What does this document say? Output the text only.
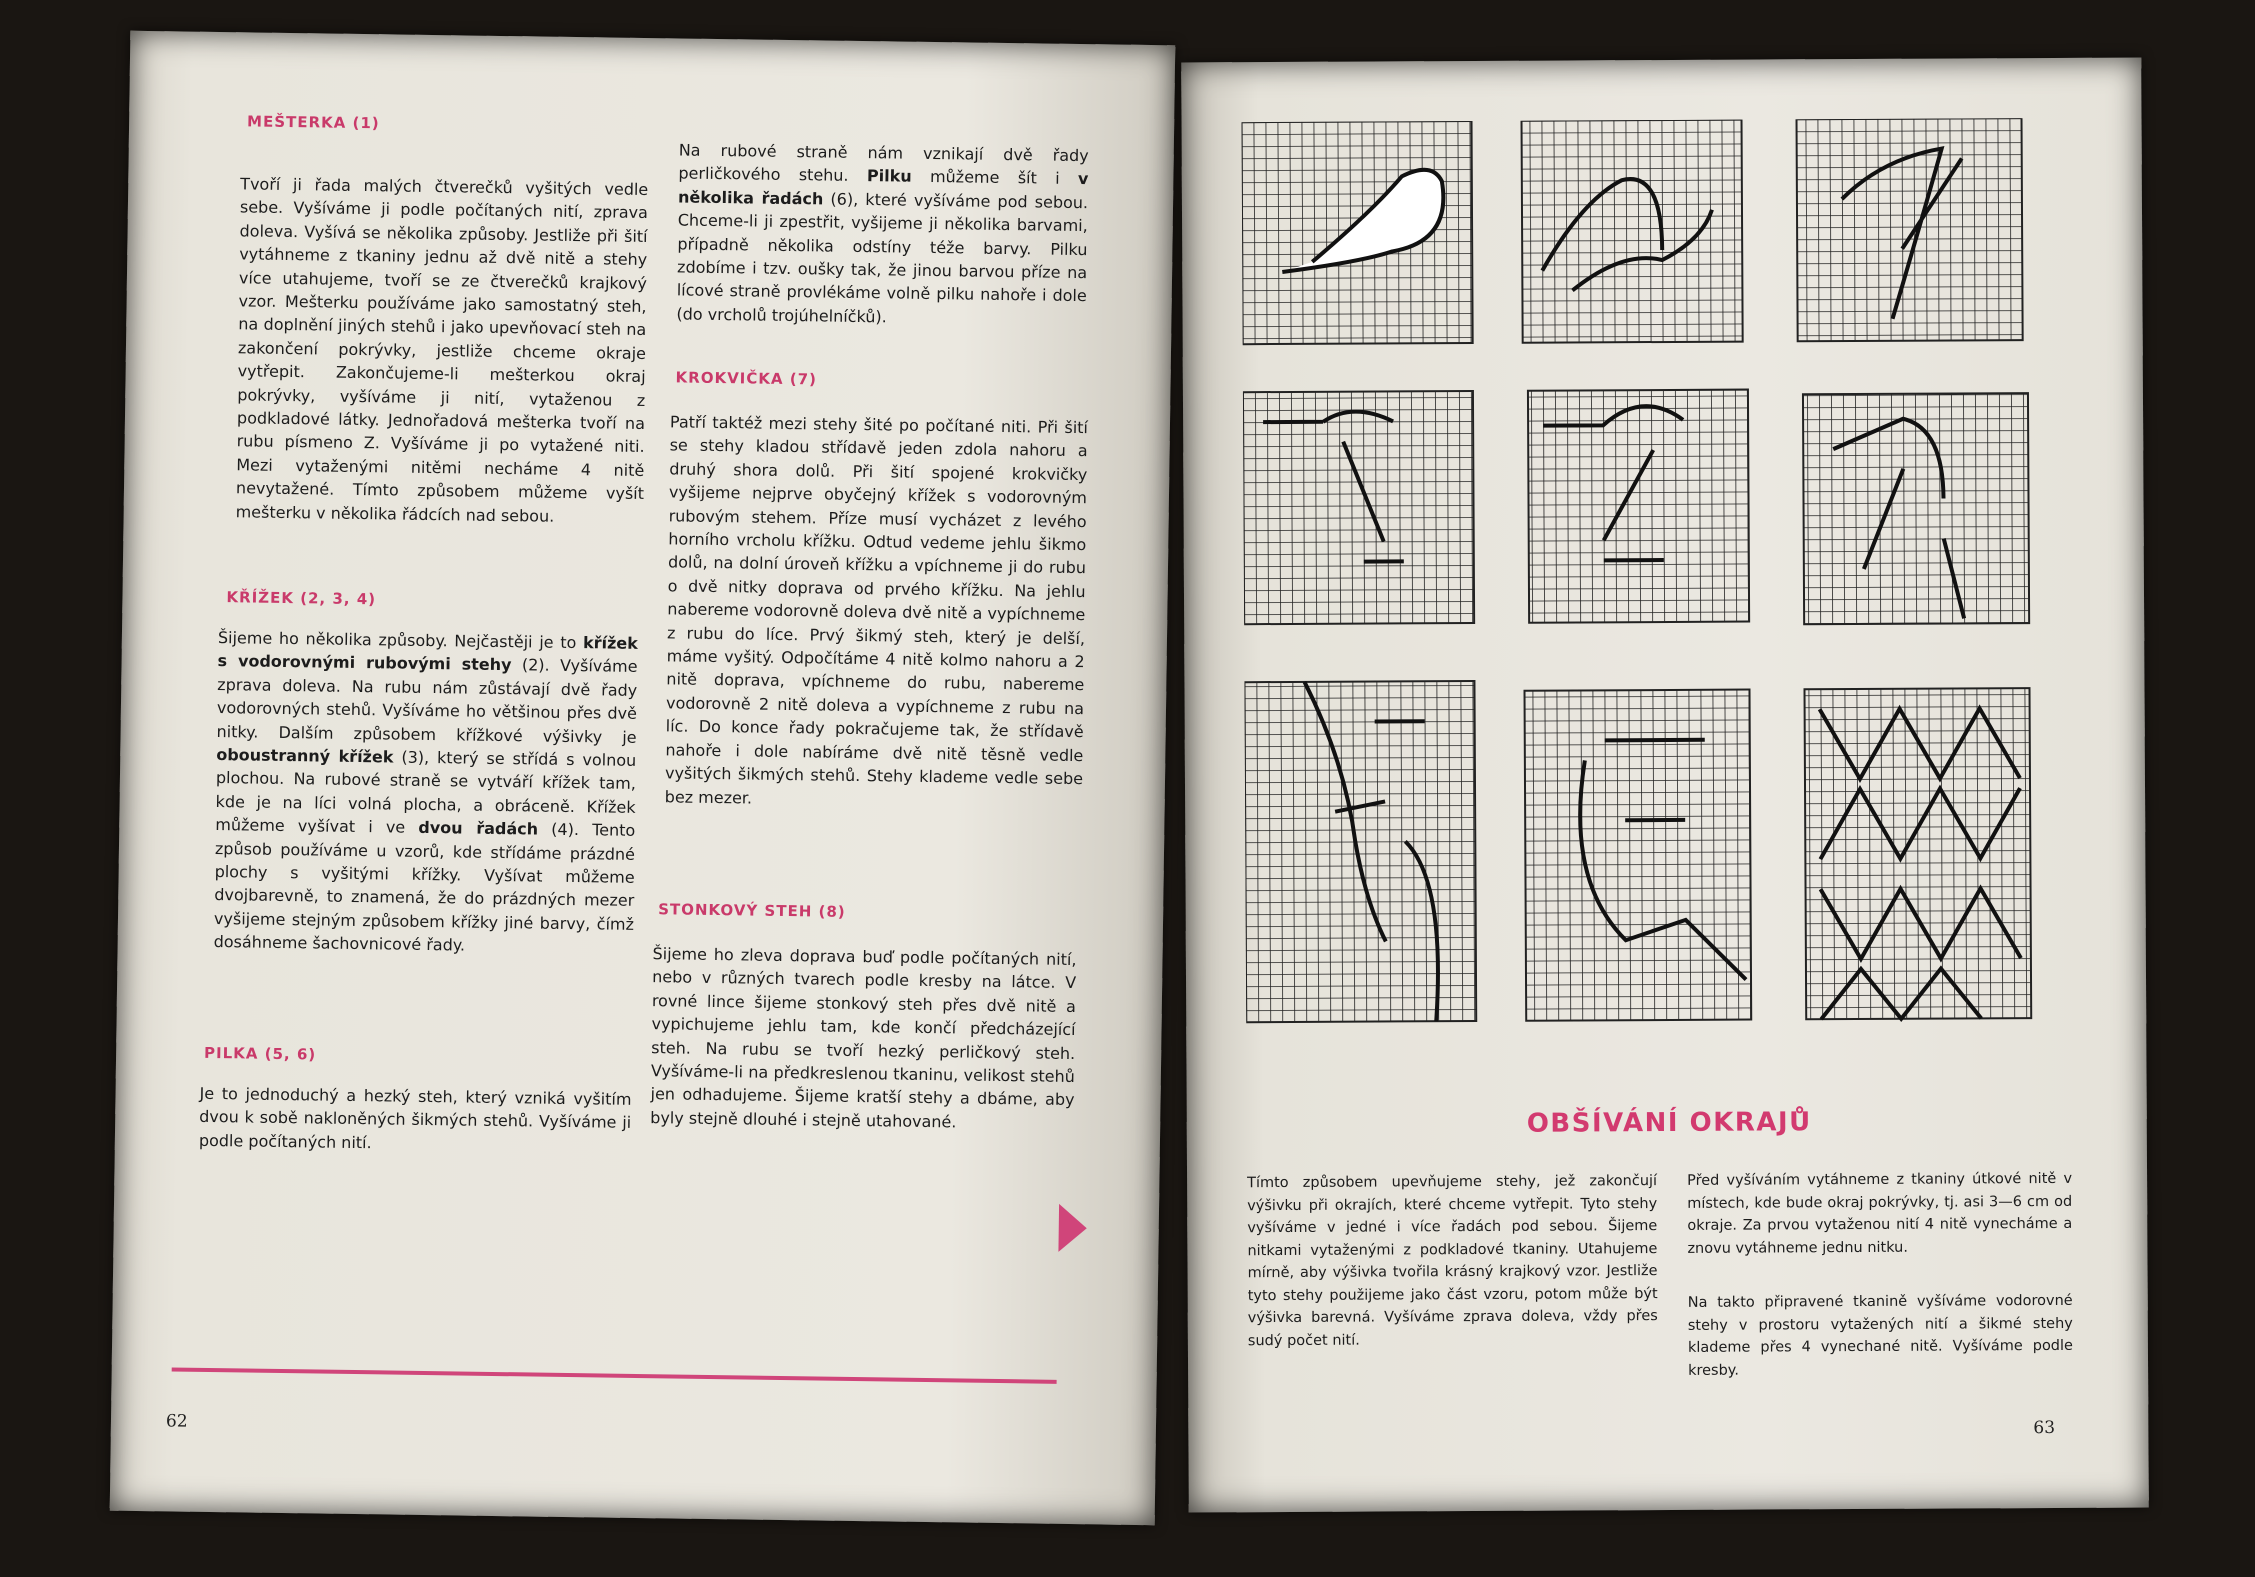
MEŠTERKA (1)
Tvoří ji řada malých čtverečků vyšitých vedle sebe. Vyšíváme ji podle počítaných nití, zprava doleva. Vyšívá se několika způsoby. Jestliže při šití vytáhneme z tkaniny jednu až dvě nitě a stehy více utahujeme, tvoří se ze čtverečků krajkový vzor. Mešterku používáme jako samostatný steh, na doplnění jiných stehů i jako upevňovací steh na zakončení pokrývky, jestliže chceme okraje vytřepit. Zakončujeme-li mešterkou okraj pokrývky, vyšíváme ji nití, vytaženou z podkladové látky. Jednořadová mešterka tvoří na rubu písmeno Z. Vyšíváme ji po vytažené niti. Mezi vytaženými nitěmi necháme 4 nitě nevytažené. Tímto způsobem můžeme vyšít mešterku v několika řádcích nad sebou.
KŘÍŽEK (2, 3, 4)
Šijeme ho několika způsoby. Nejčastěji je to křížek s vodorovnými rubovými stehy (2). Vyšíváme zprava doleva. Na rubu nám zůstávají dvě řady vodorovných stehů. Vyšíváme ho většinou přes dvě nitky. Dalším způsobem křížkové výšivky je oboustranný křížek (3), který se střídá s volnou plochou. Na rubové straně se vytváří křížek tam, kde je na líci volná plocha, a obráceně. Křížek můžeme vyšívat i ve dvou řadách (4). Tento způsob používáme u vzorů, kde střídáme prázdné plochy s vyšitými křížky. Vyšívat můžeme dvojbarevně, to znamená, že do prázdných mezer vyšijeme stejným způsobem křížky jiné barvy, čímž dosáhneme šachovnicové řady.
PILKA (5, 6)
Je to jednoduchý a hezký steh, který vzniká vyšitím dvou k sobě nakloněných šikmých stehů. Vyšíváme ji podle počítaných nití.
Na rubové straně nám vznikají dvě řady perličkového stehu. Pilku můžeme šít i v několika řadách (6), které vyšíváme pod sebou. Chceme-li ji zpestřit, vyšijeme ji několika barvami, případně několika odstíny téže barvy. Pilku zdobíme i tzv. oušky tak, že jinou barvou příze na lícové straně provlékáme volně pilku nahoře i dole (do vrcholů trojúhelníčků).
KROKVIČKA (7)
Patří taktéž mezi stehy šité po počítané niti. Při šití se stehy kladou střídavě jeden zdola nahoru a druhý shora dolů. Při šití spojené krokvičky vyšijeme nejprve obyčejný křížek s vodorovným rubovým stehem. Příze musí vycházet z levého horního vrcholu křížku. Odtud vedeme jehlu šikmo dolů, na dolní úroveň křížku a vpíchneme ji do rubu o dvě nitky doprava od prvého křížku. Na jehlu nabereme vodorovně doleva dvě nitě a vypíchneme z rubu do líce. Prvý šikmý steh, který je delší, máme vyšitý. Odpočítáme 4 nitě kolmo nahoru a 2 nitě doprava, vpíchneme do rubu, nabereme vodorovně 2 nitě doleva a vypíchneme z rubu na líc. Do konce řady pokračujeme tak, že střídavě nahoře i dole nabíráme dvě nitě těsně vedle vyšitých šikmých stehů. Stehy klademe vedle sebe bez mezer.
STONKOVÝ STEH (8)
Šijeme ho zleva doprava buď podle počítaných nití, nebo v různých tvarech podle kresby na látce. V rovné lince šijeme stonkový steh přes dvě nitě a vypichujeme jehlu tam, kde končí předcházející steh. Na rubu se tvoří hezký perličkový steh. Vyšíváme-li na předkreslenou tkaninu, velikost stehů jen odhadujeme. Šijeme kratší stehy a dbáme, aby byly stejně dlouhé i stejně utahované.
62
OBŠÍVÁNÍ OKRAJŮ
Tímto způsobem upevňujeme stehy, jež zakončují výšivku při okrajích, které chceme vytřepit. Tyto stehy vyšíváme v jedné i více řadách pod sebou. Šijeme nitkami vytaženými z podkladové tkaniny. Utahujeme mírně, aby výšivka tvořila krásný krajkový vzor. Jestliže tyto stehy použijeme jako část vzoru, potom může být výšivka barevná. Vyšíváme zprava doleva, vždy přes sudý počet nití.
Před vyšíváním vytáhneme z tkaniny útkové nitě v místech, kde bude okraj pokrývky, tj. asi 3—6 cm od okraje. Za prvou vytaženou nití 4 nitě vynecháme a znovu vytáhneme jednu nitku.
Na takto připravené tkanině vyšíváme vodorovné stehy v prostoru vytažených nití a šikmé stehy klademe přes 4 vynechané nitě. Vyšíváme podle kresby.
63
